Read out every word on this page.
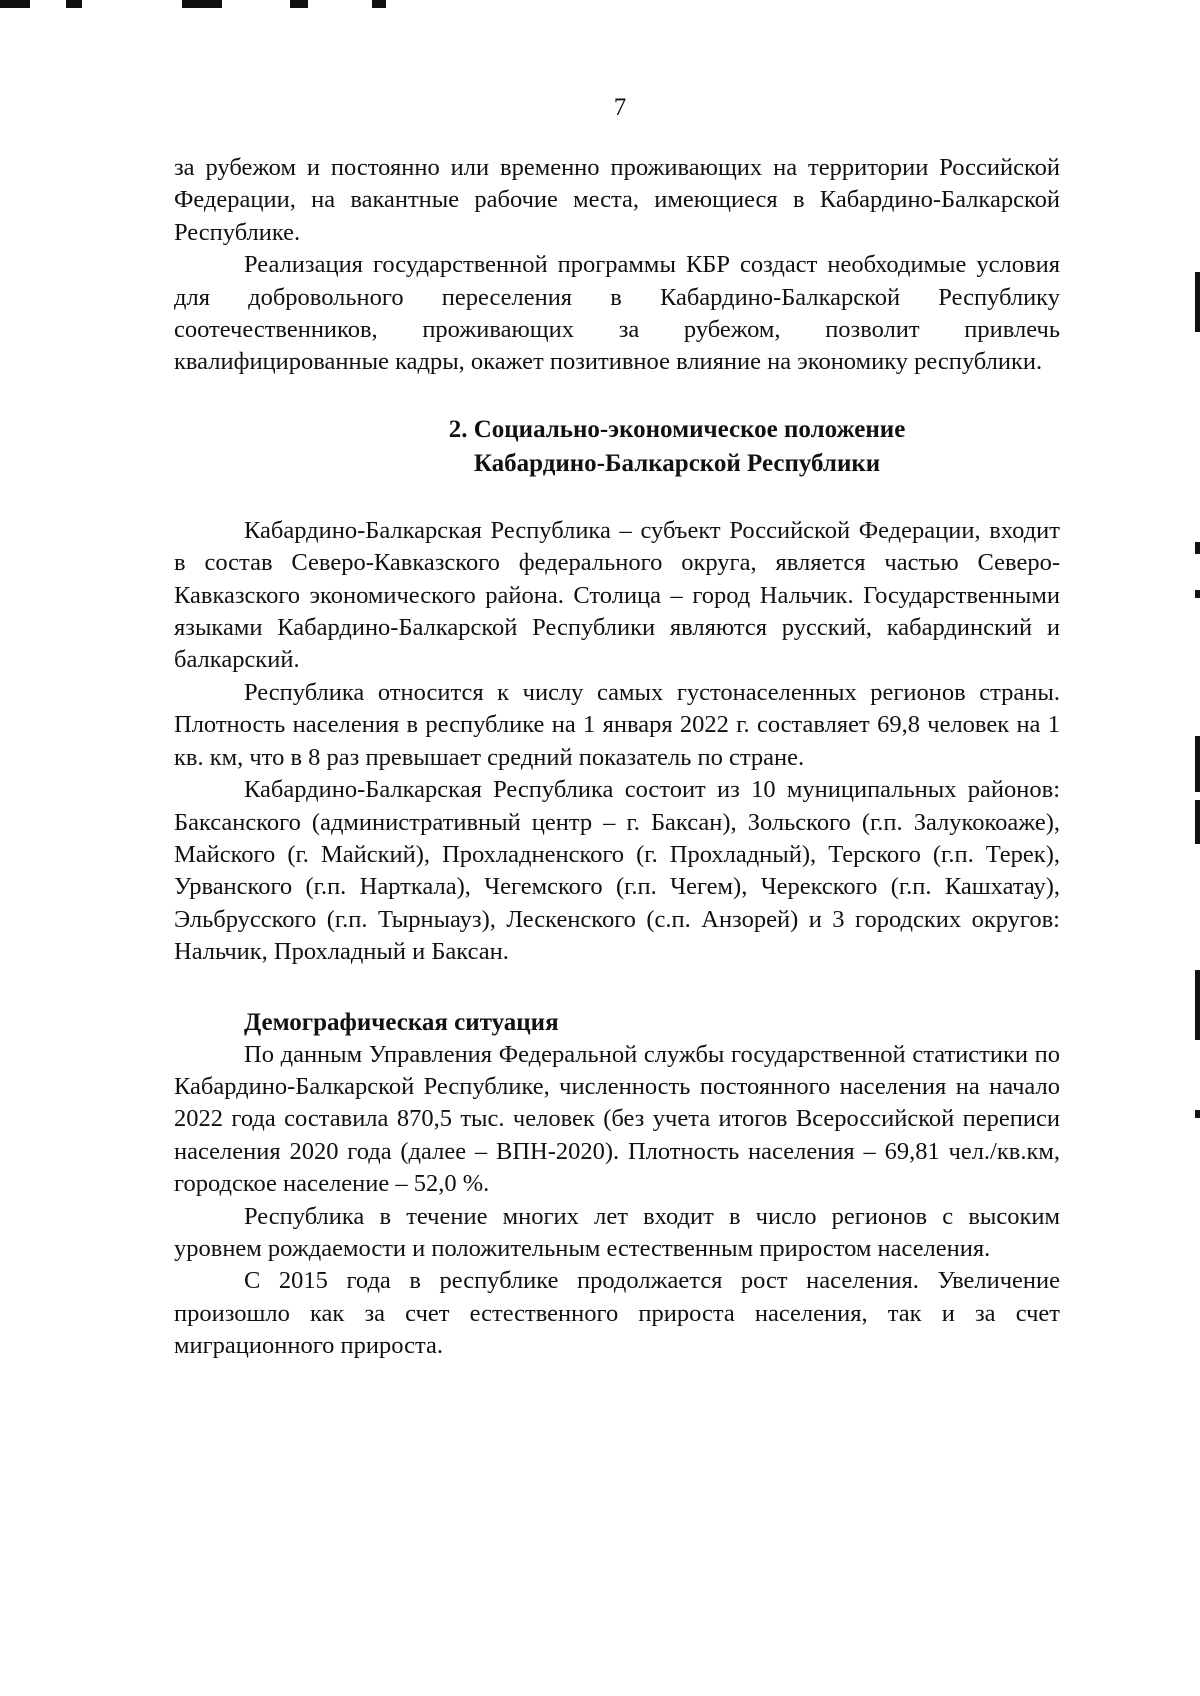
7

за рубежом и постоянно или временно проживающих на территории Российской Федерации, на вакантные рабочие места, имеющиеся в Кабардино-Балкарской Республике.

Реализация государственной программы КБР создаст необходимые условия для добровольного переселения в Кабардино-Балкарской Республику соотечественников, проживающих за рубежом, позволит привлечь квалифицированные кадры, окажет позитивное влияние на экономику республики.

2. Социально-экономическое положение
Кабардино-Балкарской Республики

Кабардино-Балкарская Республика – субъект Российской Федерации, входит в состав Северо-Кавказского федерального округа, является частью Северо-Кавказского экономического района. Столица – город Нальчик. Государственными языками Кабардино-Балкарской Республики являются русский, кабардинский и балкарский.

Республика относится к числу самых густонаселенных регионов страны. Плотность населения в республике на 1 января 2022 г. составляет 69,8 человек на 1 кв. км, что в 8 раз превышает средний показатель по стране.

Кабардино-Балкарская Республика состоит из 10 муниципальных районов: Баксанского (административный центр – г. Баксан), Зольского (г.п. Залукокоаже), Майского (г. Майский), Прохладненского (г. Прохладный), Терского (г.п. Терек), Урванского (г.п. Нарткала), Чегемского (г.п. Чегем), Черекского (г.п. Кашхатау), Эльбрусского (г.п. Тырныауз), Лескенского (с.п. Анзорей) и 3 городских округов: Нальчик, Прохладный и Баксан.

Демографическая ситуация

По данным Управления Федеральной службы государственной статистики по Кабардино-Балкарской Республике, численность постоянного населения на начало 2022 года составила 870,5 тыс. человек (без учета итогов Всероссийской переписи населения 2020 года (далее – ВПН-2020). Плотность населения – 69,81 чел./кв.км, городское население – 52,0 %.

Республика в течение многих лет входит в число регионов с высоким уровнем рождаемости и положительным естественным приростом населения.

С 2015 года в республике продолжается рост населения. Увеличение произошло как за счет естественного прироста населения, так и за счет миграционного прироста.
